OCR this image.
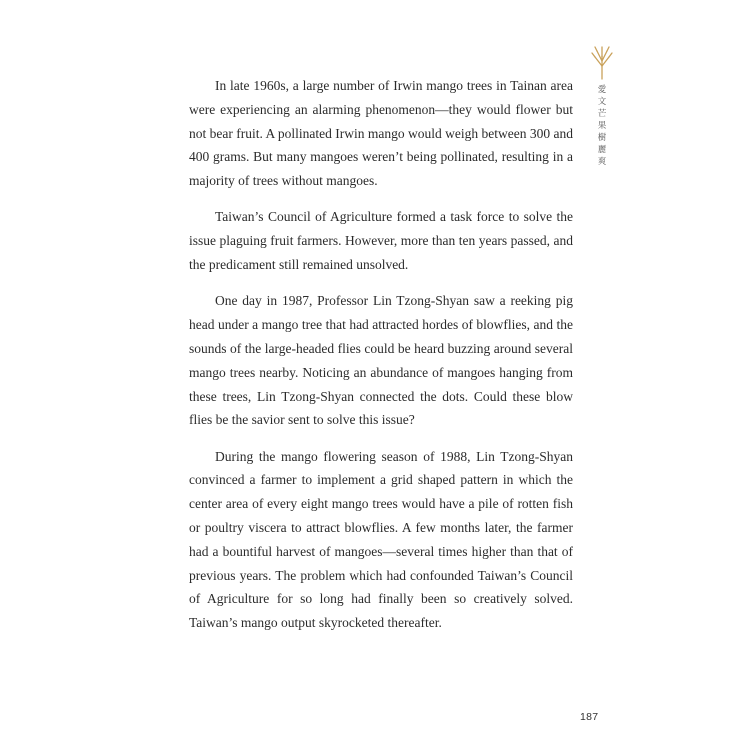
愛文芒果樹麗爽

In late 1960s, a large number of Irwin mango trees in Tainan area were experiencing an alarming phenomenon—they would flower but not bear fruit. A pollinated Irwin mango would weigh between 300 and 400 grams. But many mangoes weren’t being pollinated, resulting in a majority of trees without mangoes.

Taiwan’s Council of Agriculture formed a task force to solve the issue plaguing fruit farmers. However, more than ten years passed, and the predicament still remained unsolved.

One day in 1987, Professor Lin Tzong-Shyan saw a reeking pig head under a mango tree that had attracted hordes of blowflies, and the sounds of the large-headed flies could be heard buzzing around several mango trees nearby. Noticing an abundance of mangoes hanging from these trees, Lin Tzong-Shyan connected the dots. Could these blow flies be the savior sent to solve this issue?

During the mango flowering season of 1988, Lin Tzong-Shyan convinced a farmer to implement a grid shaped pattern in which the center area of every eight mango trees would have a pile of rotten fish or poultry viscera to attract blowflies. A few months later, the farmer had a bountiful harvest of mangoes—several times higher than that of previous years. The problem which had confounded Taiwan’s Council of Agriculture for so long had finally been so creatively solved. Taiwan’s mango output skyrocketed thereafter.

187
